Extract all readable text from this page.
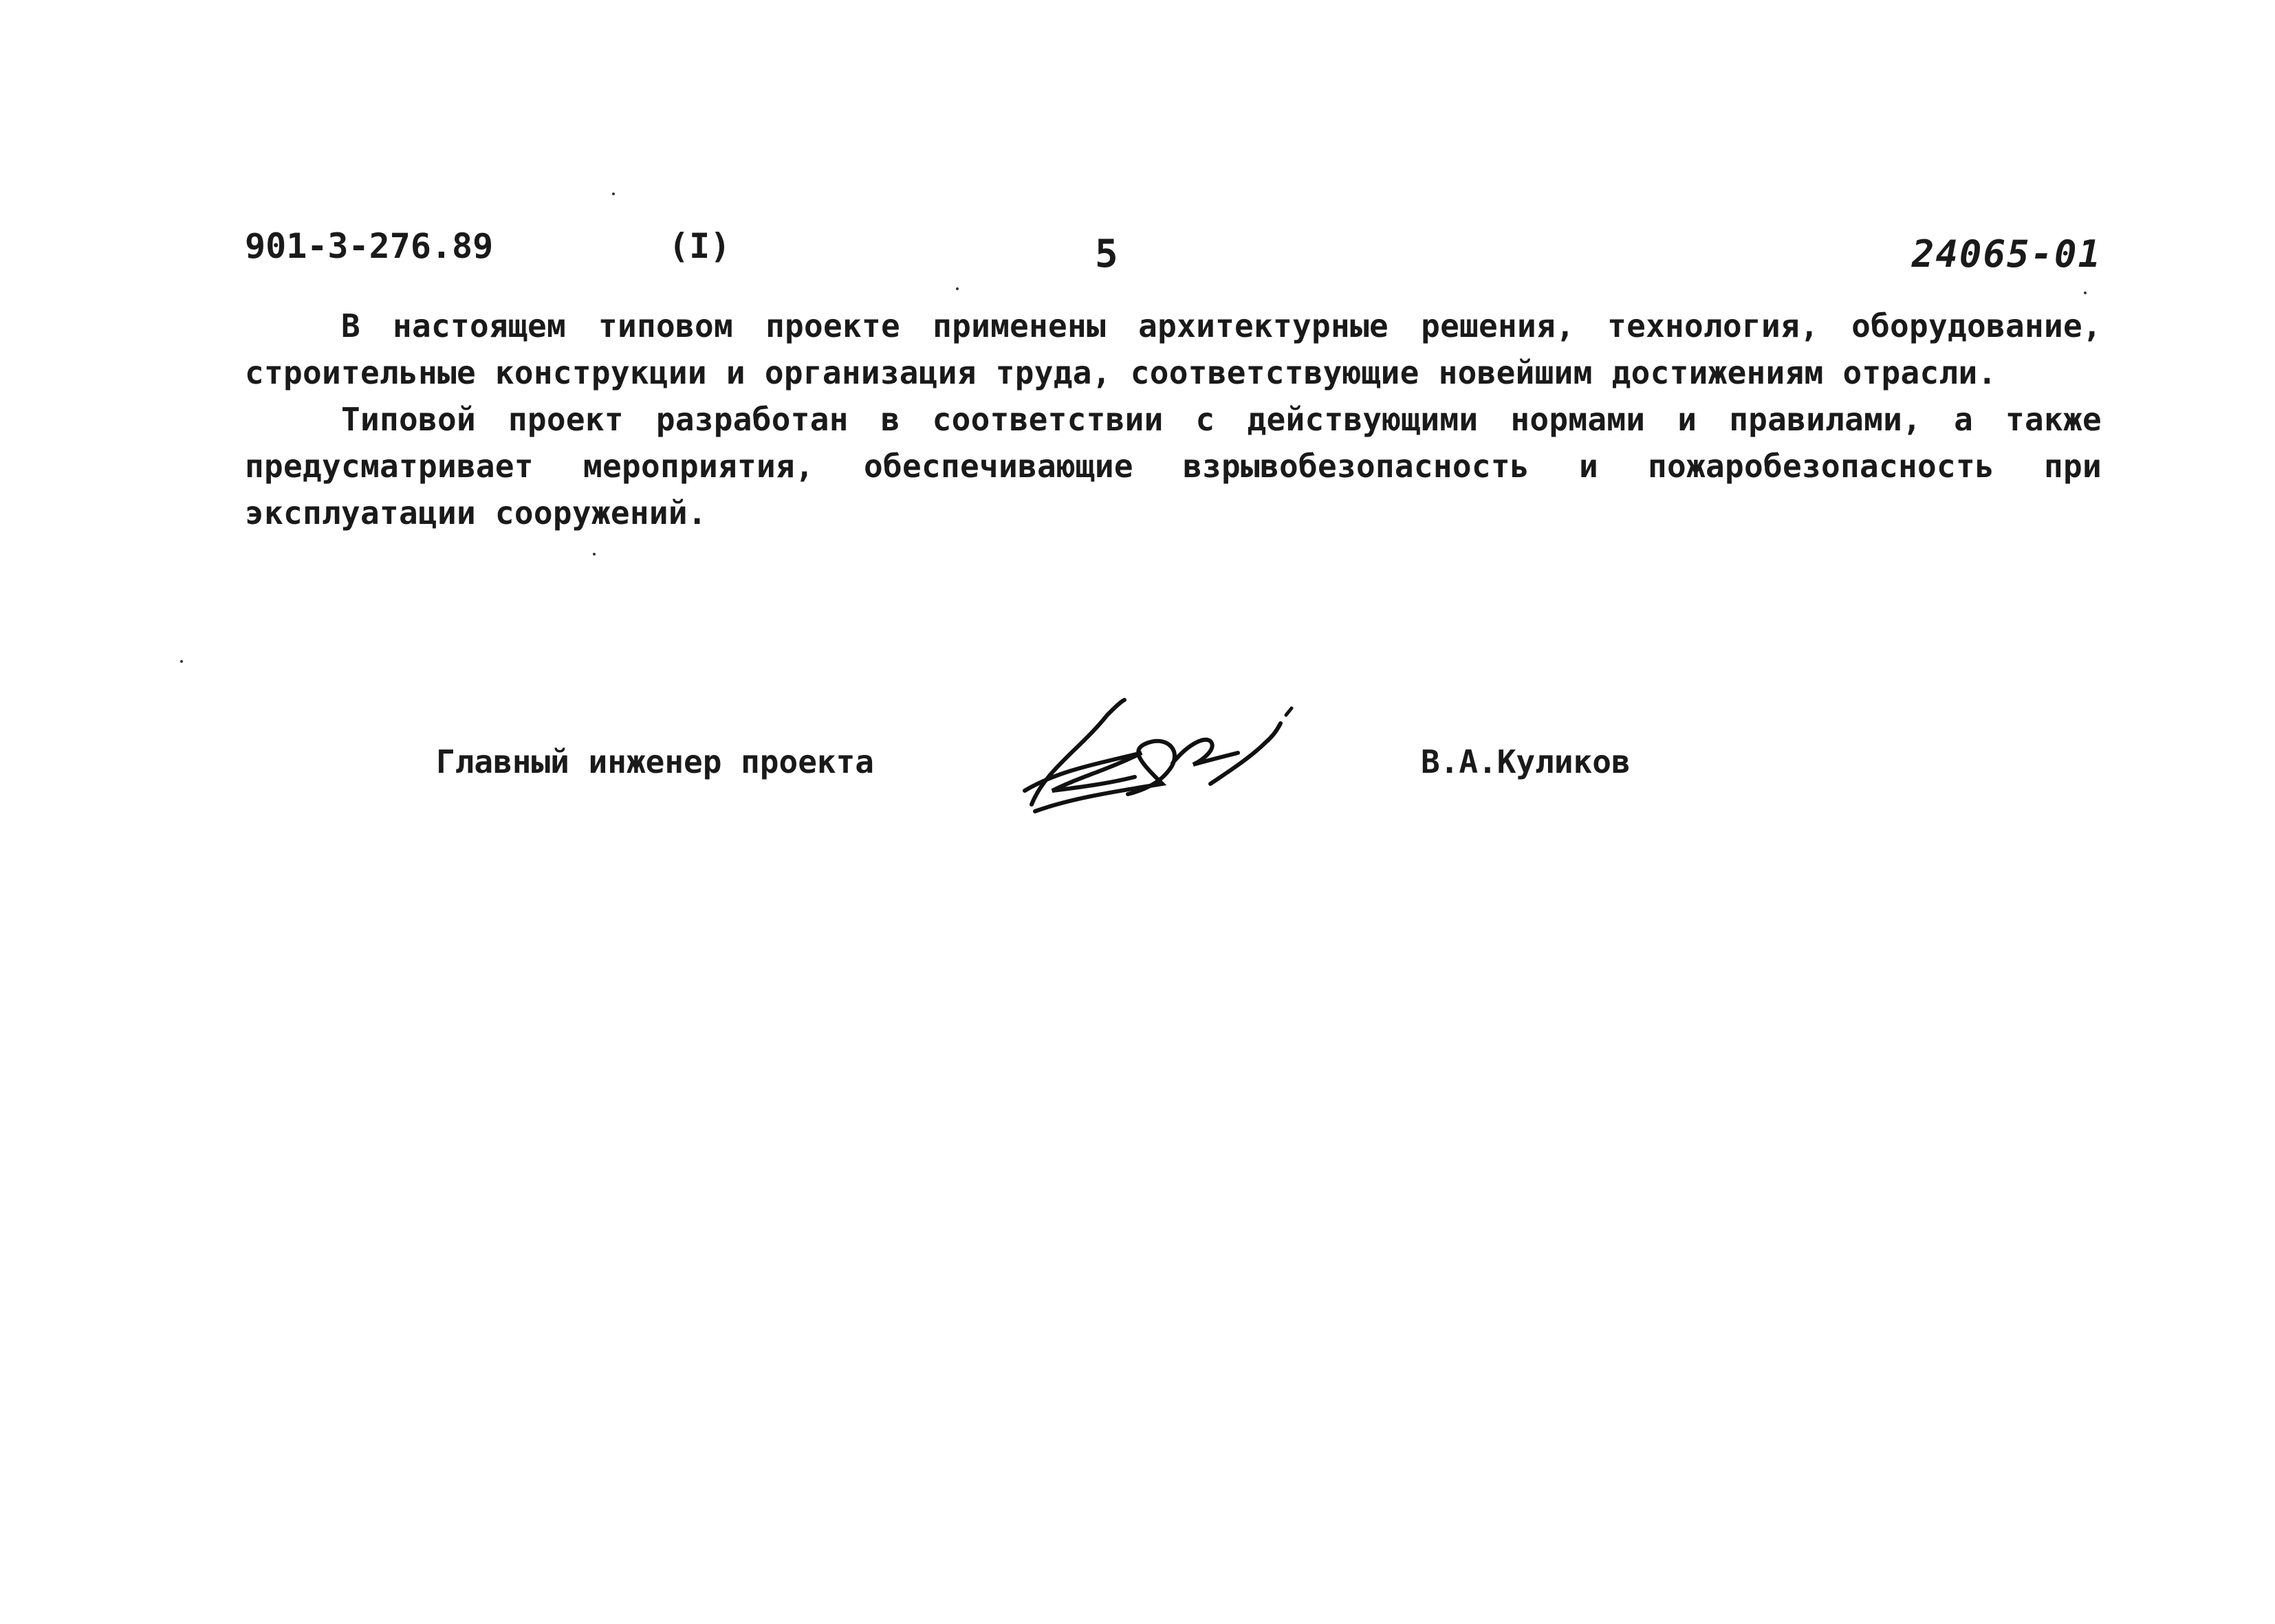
901-3-276.89	(I)	5	24065-01

В настоящем типовом проекте применены архитектурные решения, технология, оборудование, строительные конструкции и организация труда, соответствующие новейшим достижениям отрасли.

Типовой проект разработан в соответствии с действующими нормами и правилами, а также предусматривает мероприятия, обеспечивающие взрывобезопасность и пожаробезопасность при эксплуатации сооружений.

Главный инженер проекта	В.А.Куликов
